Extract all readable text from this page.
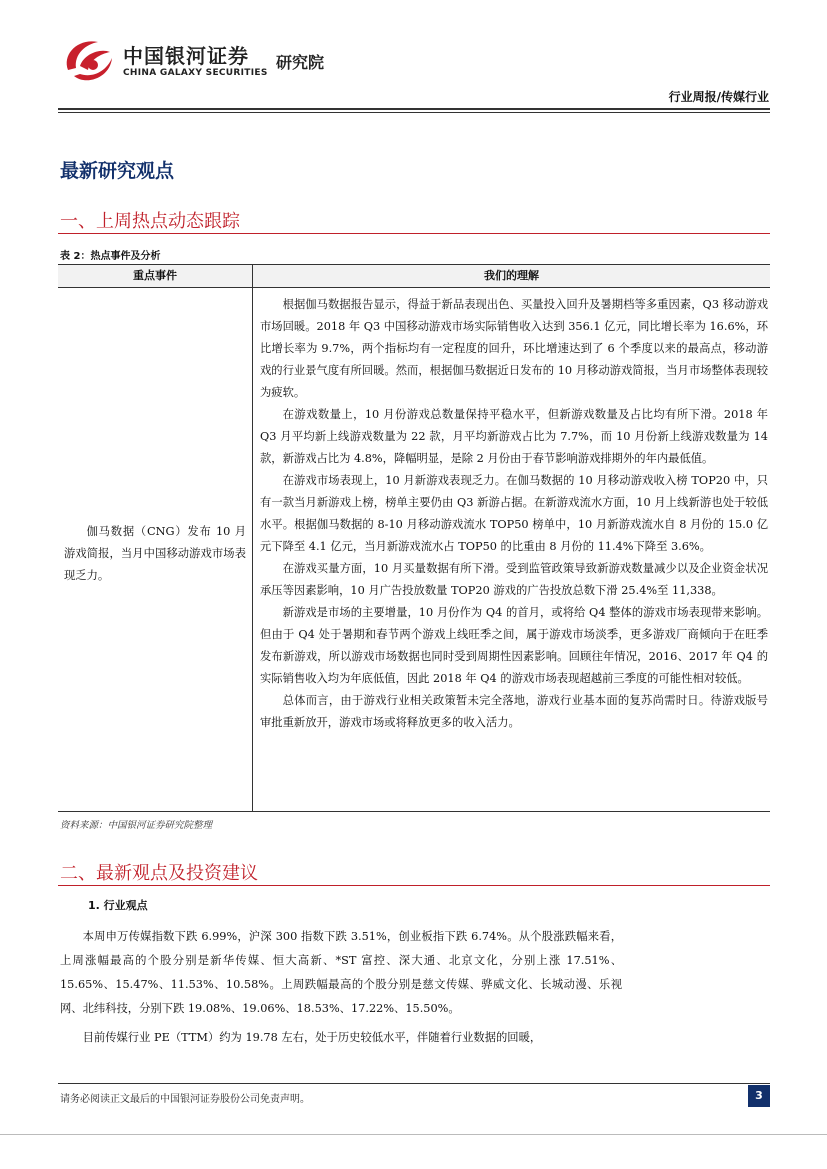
中国银河证券
CHINA GALAXY SECURITIES
研究院
行业周报/传媒行业
最新研究观点
一、上周热点动态跟踪
表 2：热点事件及分析
重点事件	我们的理解
伽马数据（CNG）发布 10 月游戏简报，当月中国移动游戏市场表现乏力。

根据伽马数据报告显示，得益于新品表现出色、买量投入回升及暑期档等多重因素，Q3 移动游戏市场回暖。2018 年 Q3 中国移动游戏市场实际销售收入达到 356.1 亿元，同比增长率为 16.6%，环比增长率为 9.7%，两个指标均有一定程度的回升，环比增速达到了 6 个季度以来的最高点，移动游戏的行业景气度有所回暖。然而，根据伽马数据近日发布的 10 月移动游戏简报，当月市场整体表现较为疲软。

在游戏数量上，10 月份游戏总数量保持平稳水平，但新游戏数量及占比均有所下滑。2018 年 Q3 月平均新上线游戏数量为 22 款，月平均新游戏占比为 7.7%，而 10 月份新上线游戏数量为 14 款，新游戏占比为 4.8%，降幅明显，是除 2 月份由于春节影响游戏排期外的年内最低值。

在游戏市场表现上，10 月新游戏表现乏力。在伽马数据的 10 月移动游戏收入榜 TOP20 中，只有一款当月新游戏上榜，榜单主要仍由 Q3 新游占据。在新游戏流水方面，10 月上线新游也处于较低水平。根据伽马数据的 8-10 月移动游戏流水 TOP50 榜单中，10 月新游戏流水自 8 月份的 15.0 亿元下降至 4.1 亿元，当月新游戏流水占 TOP50 的比重由 8 月份的 11.4%下降至 3.6%。

在游戏买量方面，10 月买量数据有所下滑。受到监管政策导致新游戏数量减少以及企业资金状况承压等因素影响，10 月广告投放数量 TOP20 游戏的广告投放总数下滑 25.4%至 11,338。

新游戏是市场的主要增量，10 月份作为 Q4 的首月，或将给 Q4 整体的游戏市场表现带来影响。但由于 Q4 处于暑期和春节两个游戏上线旺季之间，属于游戏市场淡季，更多游戏厂商倾向于在旺季发布新游戏，所以游戏市场数据也同时受到周期性因素影响。回顾往年情况，2016、2017 年 Q4 的实际销售收入均为年底低值，因此 2018 年 Q4 的游戏市场表现超越前三季度的可能性相对较低。

总体而言，由于游戏行业相关政策暂未完全落地，游戏行业基本面的复苏尚需时日。待游戏版号审批重新放开，游戏市场或将释放更多的收入活力。

资料来源：中国银河证券研究院整理
二、最新观点及投资建议
1. 行业观点

本周申万传媒指数下跌 6.99%，沪深 300 指数下跌 3.51%，创业板指下跌 6.74%。从个股涨跌幅来看，上周涨幅最高的个股分别是新华传媒、恒大高新、*ST 富控、深大通、北京文化，分别上涨 17.51%、15.65%、15.47%、11.53%、10.58%。上周跌幅最高的个股分别是慈文传媒、骅威文化、长城动漫、乐视网、北纬科技，分别下跌 19.08%、19.06%、18.53%、17.22%、15.50%。

目前传媒行业 PE（TTM）约为 19.78 左右，处于历史较低水平，伴随着行业数据的回暖，

请务必阅读正文最后的中国银河证券股份公司免责声明。	3
